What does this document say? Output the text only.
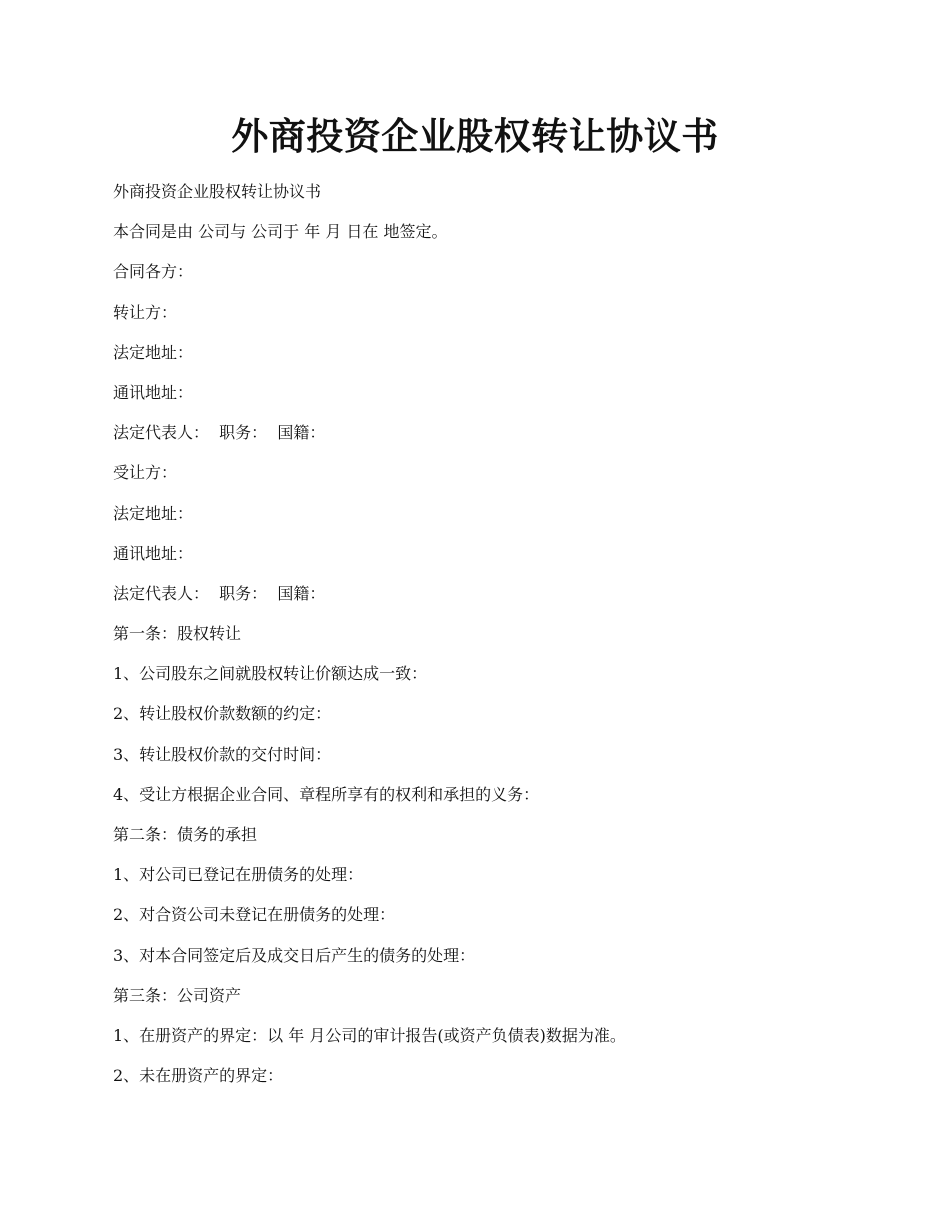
外商投资企业股权转让协议书
外商投资企业股权转让协议书
本合同是由 公司与 公司于 年 月 日在 地签定。
合同各方：
转让方：
法定地址：
通讯地址：
法定代表人：  职务：  国籍：
受让方：
法定地址：
通讯地址：
法定代表人：  职务：  国籍：
第一条：股权转让
1、公司股东之间就股权转让价额达成一致：
2、转让股权价款数额的约定：
3、转让股权价款的交付时间：
4、受让方根据企业合同、章程所享有的权利和承担的义务：
第二条：债务的承担
1、对公司已登记在册债务的处理：
2、对合资公司未登记在册债务的处理：
3、对本合同签定后及成交日后产生的债务的处理：
第三条：公司资产
1、在册资产的界定：以 年 月公司的审计报告(或资产负债表)数据为准。
2、未在册资产的界定：
